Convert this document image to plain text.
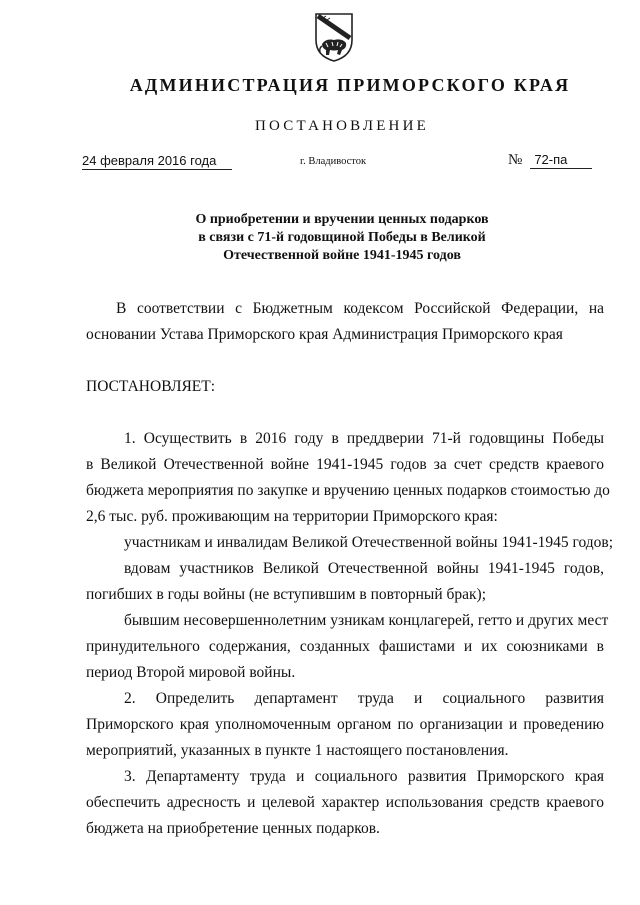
АДМИНИСТРАЦИЯ ПРИМОРСКОГО КРАЯ
ПОСТАНОВЛЕНИЕ
24 февраля 2016 года	г. Владивосток	№ 72-па
О приобретении и вручении ценных подарков
в связи с 71-й годовщиной Победы в Великой
Отечественной войне 1941-1945 годов
В соответствии с Бюджетным кодексом Российской Федерации, на
основании Устава Приморского края Администрация Приморского края
ПОСТАНОВЛЯЕТ:
1. Осуществить в 2016 году в преддверии 71-й годовщины Победы
в Великой Отечественной войне 1941-1945 годов за счет средств краевого
бюджета мероприятия по закупке и вручению ценных подарков стоимостью до
2,6 тыс. руб. проживающим на территории Приморского края:
участникам и инвалидам Великой Отечественной войны 1941-1945 годов;
вдовам участников Великой Отечественной войны 1941-1945 годов,
погибших в годы войны (не вступившим в повторный брак);
бывшим несовершеннолетним узникам концлагерей, гетто и других мест
принудительного содержания, созданных фашистами и их союзниками в
период Второй мировой войны.
2. Определить департамент труда и социального развития
Приморского края уполномоченным органом по организации и проведению
мероприятий, указанных в пункте 1 настоящего постановления.
3. Департаменту труда и социального развития Приморского края
обеспечить адресность и целевой характер использования средств краевого
бюджета на приобретение ценных подарков.
